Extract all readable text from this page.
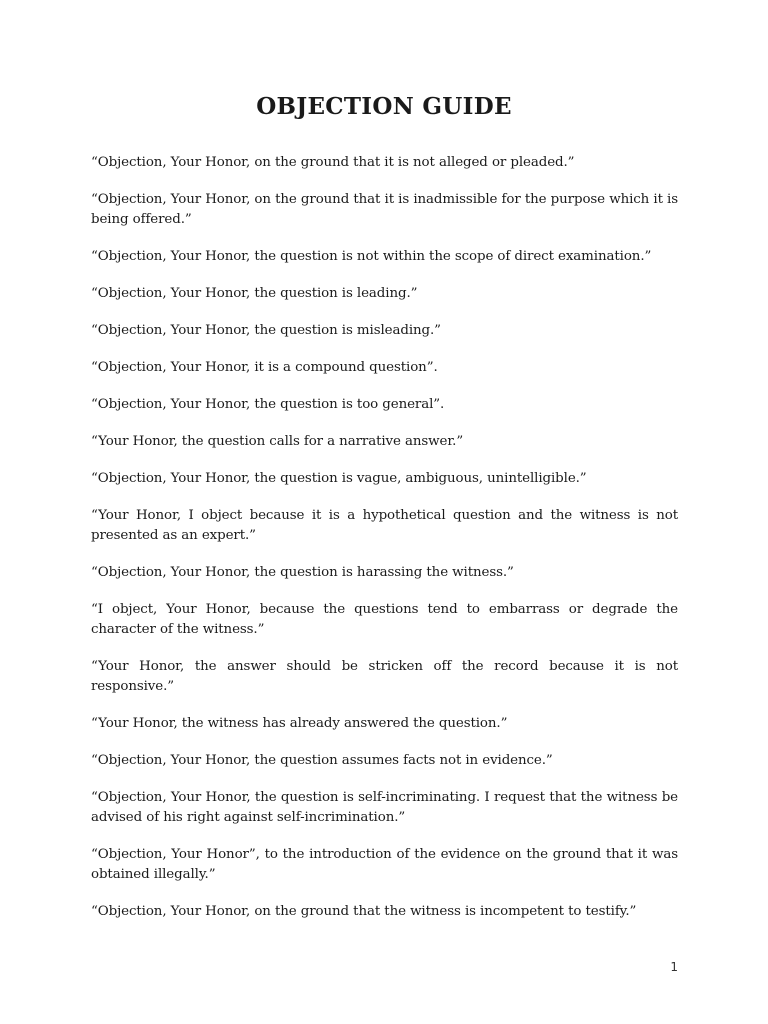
OBJECTION GUIDE

“Objection, Your Honor, on the ground that it is not alleged or pleaded.”

“Objection, Your Honor, on the ground that it is inadmissible for the purpose which it is being offered.”

“Objection, Your Honor, the question is not within the scope of direct examination.”

“Objection, Your Honor, the question is leading.”

“Objection, Your Honor, the question is misleading.”

“Objection, Your Honor, it is a compound question”.

“Objection, Your Honor, the question is too general”.

“Your Honor, the question calls for a narrative answer.”

“Objection, Your Honor, the question is vague, ambiguous, unintelligible.”

“Your Honor, I object because it is a hypothetical question and the witness is not presented as an expert.”

“Objection, Your Honor, the question is harassing the witness.”

“I object, Your Honor, because the questions tend to embarrass or degrade the character of the witness.”

“Your Honor, the answer should be stricken off the record because it is not responsive.”

“Your Honor, the witness has already answered the question.”

“Objection, Your Honor, the question assumes facts not in evidence.”

“Objection, Your Honor, the question is self-incriminating. I request that the witness be advised of his right against self-incrimination.”

“Objection, Your Honor”, to the introduction of the evidence on the ground that it was obtained illegally.”

“Objection, Your Honor, on the ground that the witness is incompetent to testify.”

1
